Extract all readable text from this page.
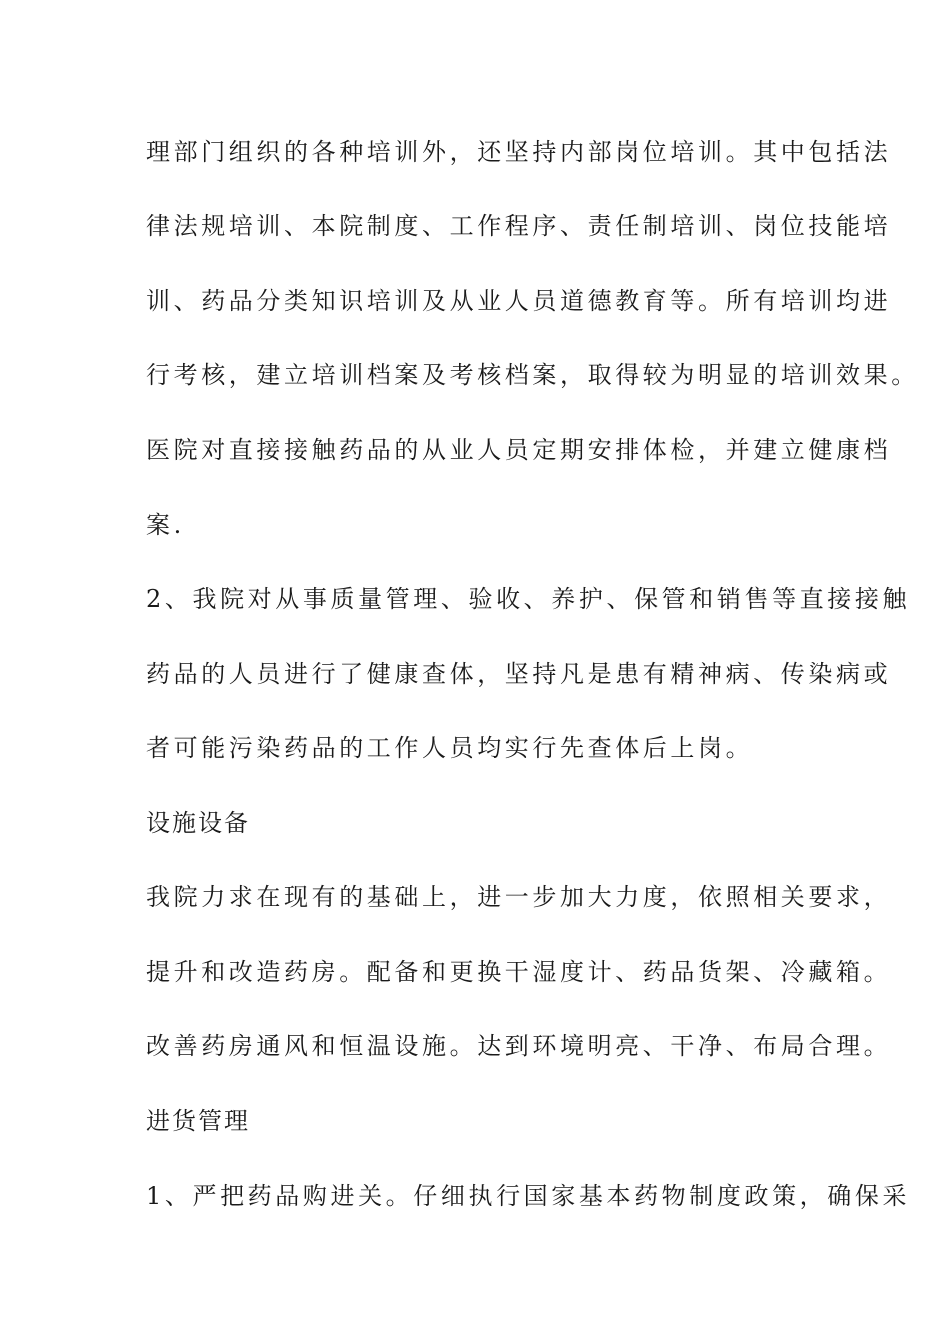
理部门组织的各种培训外，还坚持内部岗位培训。其中包括法
律法规培训、本院制度、工作程序、责任制培训、岗位技能培
训、药品分类知识培训及从业人员道德教育等。所有培训均进
行考核，建立培训档案及考核档案，取得较为明显的培训效果。
医院对直接接触药品的从业人员定期安排体检，并建立健康档
案.
2、我院对从事质量管理、验收、养护、保管和销售等直接接触
药品的人员进行了健康查体，坚持凡是患有精神病、传染病或
者可能污染药品的工作人员均实行先查体后上岗。
设施设备
我院力求在现有的基础上，进一步加大力度，依照相关要求，
提升和改造药房。配备和更换干湿度计、药品货架、冷藏箱。
改善药房通风和恒温设施。达到环境明亮、干净、布局合理。
进货管理
1、严把药品购进关。仔细执行国家基本药物制度政策，确保采
